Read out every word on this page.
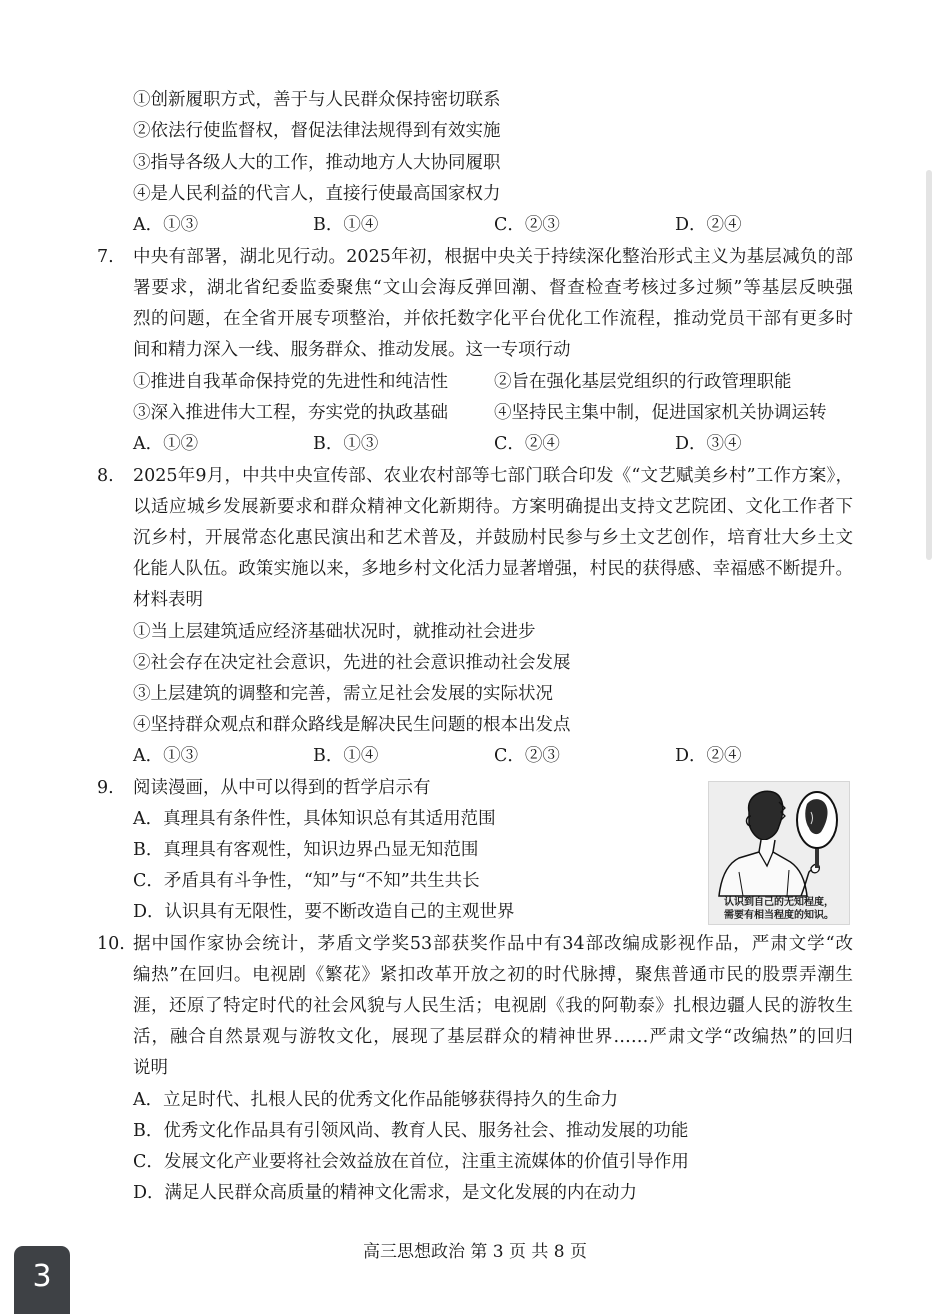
①创新履职方式，善于与人民群众保持密切联系
②依法行使监督权，督促法律法规得到有效实施
③指导各级人大的工作，推动地方人大协同履职
④是人民利益的代言人，直接行使最高国家权力
A．①③	B．①④	C．②③	D．②④
7. 中央有部署，湖北见行动。2025年初，根据中央关于持续深化整治形式主义为基层减负的部
署要求，湖北省纪委监委聚焦“文山会海反弹回潮、督查检查考核过多过频”等基层反映强
烈的问题，在全省开展专项整治，并依托数字化平台优化工作流程，推动党员干部有更多时
间和精力深入一线、服务群众、推动发展。这一专项行动
①推进自我革命保持党的先进性和纯洁性	②旨在强化基层党组织的行政管理职能
③深入推进伟大工程，夯实党的执政基础	④坚持民主集中制，促进国家机关协调运转
A．①②	B．①③	C．②④	D．③④
8. 2025年9月，中共中央宣传部、农业农村部等七部门联合印发《“文艺赋美乡村”工作方案》，
以适应城乡发展新要求和群众精神文化新期待。方案明确提出支持文艺院团、文化工作者下
沉乡村，开展常态化惠民演出和艺术普及，并鼓励村民参与乡土文艺创作，培育壮大乡土文
化能人队伍。政策实施以来，多地乡村文化活力显著增强，村民的获得感、幸福感不断提升。
材料表明
①当上层建筑适应经济基础状况时，就推动社会进步
②社会存在决定社会意识，先进的社会意识推动社会发展
③上层建筑的调整和完善，需立足社会发展的实际状况
④坚持群众观点和群众路线是解决民生问题的根本出发点
A．①③	B．①④	C．②③	D．②④
9. 阅读漫画，从中可以得到的哲学启示有
A．真理具有条件性，具体知识总有其适用范围
B．真理具有客观性，知识边界凸显无知范围
C．矛盾具有斗争性，“知”与“不知”共生共长
D．认识具有无限性，要不断改造自己的主观世界	认识到自己的无知程度，
需要有相当程度的知识。
10. 据中国作家协会统计，茅盾文学奖53部获奖作品中有34部改编成影视作品，严肃文学“改
编热”在回归。电视剧《繁花》紧扣改革开放之初的时代脉搏，聚焦普通市民的股票弄潮生
涯，还原了特定时代的社会风貌与人民生活；电视剧《我的阿勒泰》扎根边疆人民的游牧生
活，融合自然景观与游牧文化，展现了基层群众的精神世界……严肃文学“改编热”的回归
说明
A．立足时代、扎根人民的优秀文化作品能够获得持久的生命力
B．优秀文化作品具有引领风尚、教育人民、服务社会、推动发展的功能
C．发展文化产业要将社会效益放在首位，注重主流媒体的价值引导作用
D．满足人民群众高质量的精神文化需求，是文化发展的内在动力
高三思想政治 第 3 页 共 8 页
3
